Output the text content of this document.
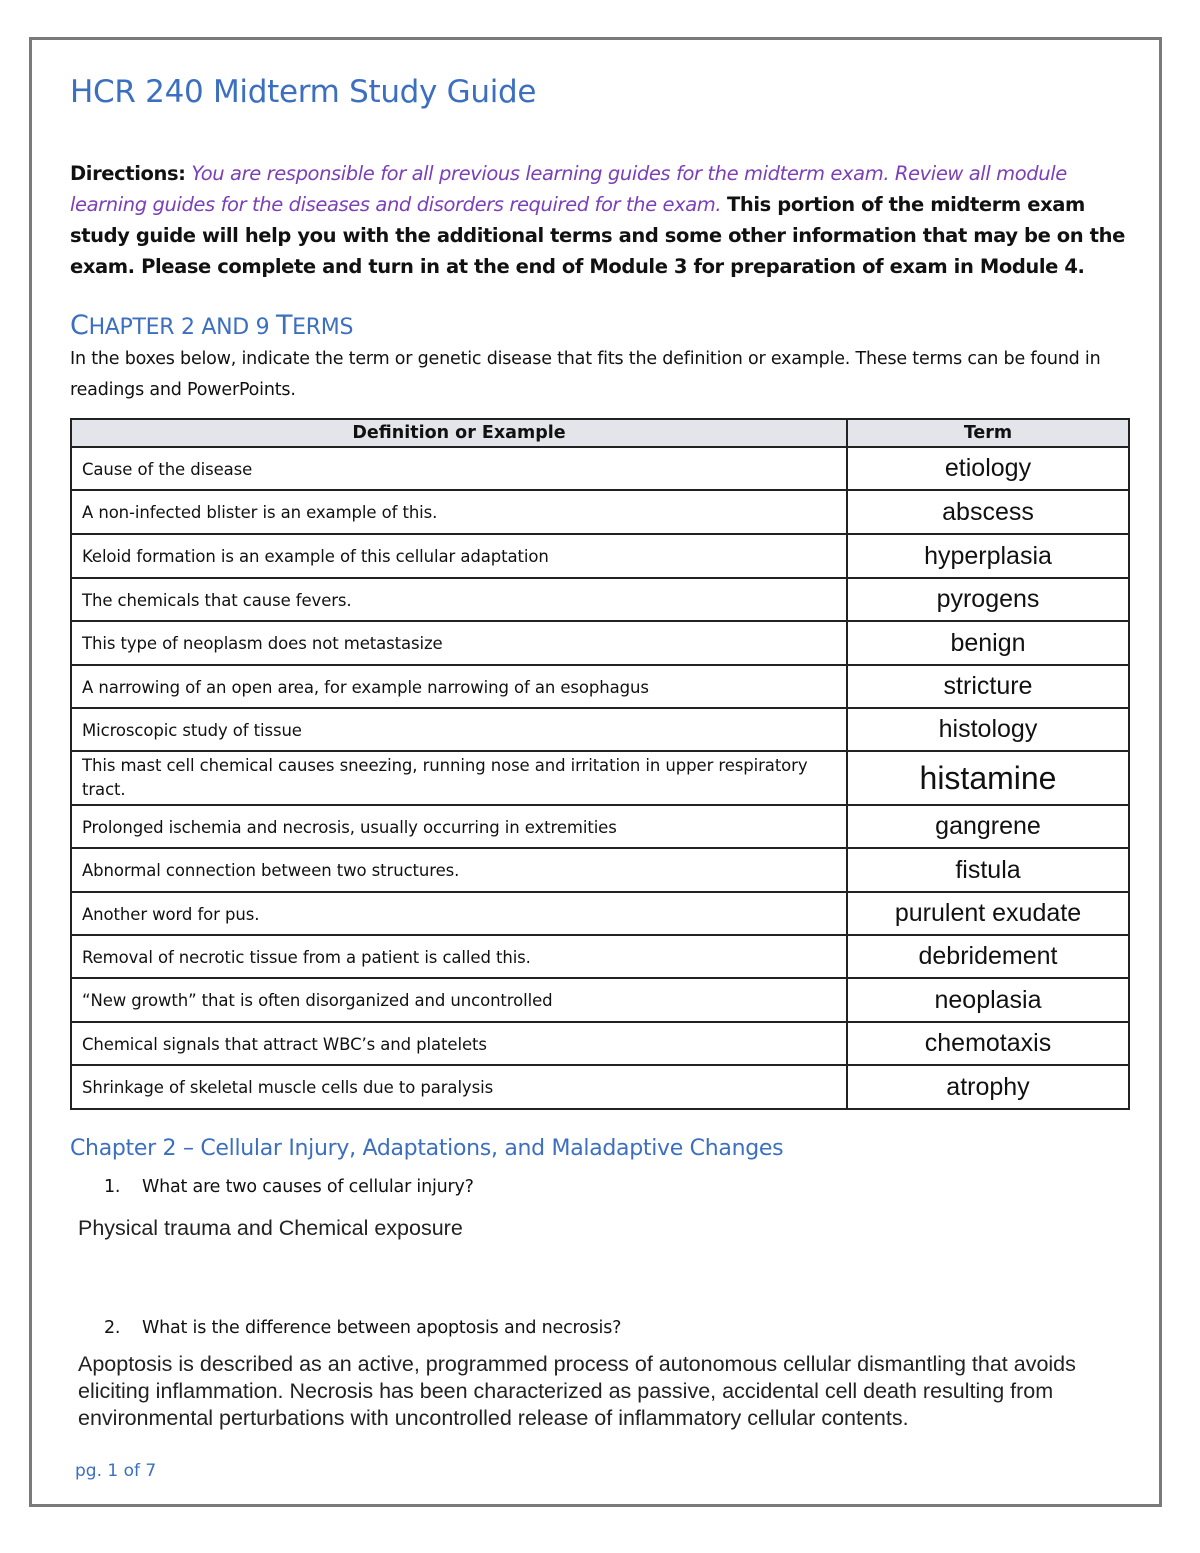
HCR 240 Midterm Study Guide
Directions: You are responsible for all previous learning guides for the midterm exam. Review all module learning guides for the diseases and disorders required for the exam. This portion of the midterm exam study guide will help you with the additional terms and some other information that may be on the exam. Please complete and turn in at the end of Module 3 for preparation of exam in Module 4.
CHAPTER 2 AND 9 TERMS
In the boxes below, indicate the term or genetic disease that fits the definition or example. These terms can be found in readings and PowerPoints.
Definition or Example	Term
Cause of the disease	etiology
A non-infected blister is an example of this.	abscess
Keloid formation is an example of this cellular adaptation	hyperplasia
The chemicals that cause fevers.	pyrogens
This type of neoplasm does not metastasize	benign
A narrowing of an open area, for example narrowing of an esophagus	stricture
Microscopic study of tissue	histology
This mast cell chemical causes sneezing, running nose and irritation in upper respiratory tract.	histamine
Prolonged ischemia and necrosis, usually occurring in extremities	gangrene
Abnormal connection between two structures.	fistula
Another word for pus.	purulent exudate
Removal of necrotic tissue from a patient is called this.	debridement
“New growth” that is often disorganized and uncontrolled	neoplasia
Chemical signals that attract WBC’s and platelets	chemotaxis
Shrinkage of skeletal muscle cells due to paralysis	atrophy
Chapter 2 – Cellular Injury, Adaptations, and Maladaptive Changes
1. What are two causes of cellular injury?
Physical trauma and Chemical exposure
2. What is the difference between apoptosis and necrosis?
Apoptosis is described as an active, programmed process of autonomous cellular dismantling that avoids eliciting inflammation. Necrosis has been characterized as passive, accidental cell death resulting from environmental perturbations with uncontrolled release of inflammatory cellular contents.
pg. 1 of 7
